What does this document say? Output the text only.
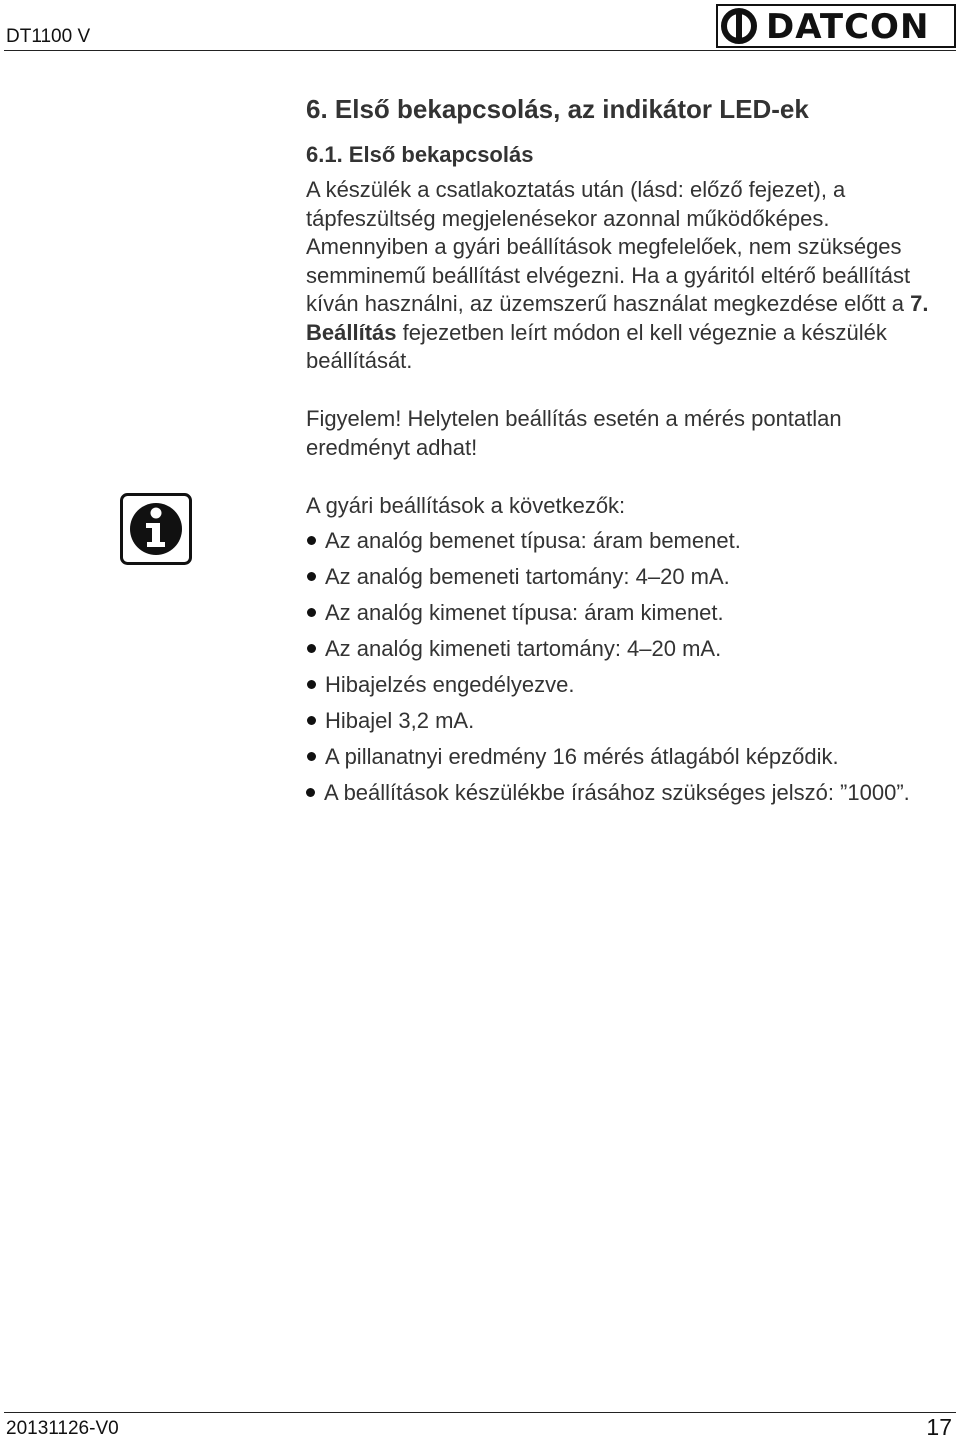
DT1100 V	DATCON
6. Első bekapcsolás, az indikátor LED-ek
6.1. Első bekapcsolás

A készülék a csatlakoztatás után (lásd: előző fejezet), a tápfeszültség megjelenésekor azonnal működőképes. Amennyiben a gyári beállítások megfelelőek, nem szükséges semminemű beállítást elvégezni. Ha a gyáritól eltérő beállítást kíván használni, az üzemszerű használat megkezdése előtt a 7. Beállítás fejezetben leírt módon el kell végeznie a készülék beállítását.

Figyelem! Helytelen beállítás esetén a mérés pontatlan eredményt adhat!

A gyári beállítások a következők:

Az analóg bemenet típusa: áram bemenet.
Az analóg bemeneti tartomány: 4–20 mA.
Az analóg kimenet típusa: áram kimenet.
Az analóg kimeneti tartomány: 4–20 mA.
Hibajelzés engedélyezve.
Hibajel 3,2 mA.
A pillanatnyi eredmény 16 mérés átlagából képződik.
A beállítások készülékbe írásához szükséges jelszó: ”1000”.
20131126-V0	17
